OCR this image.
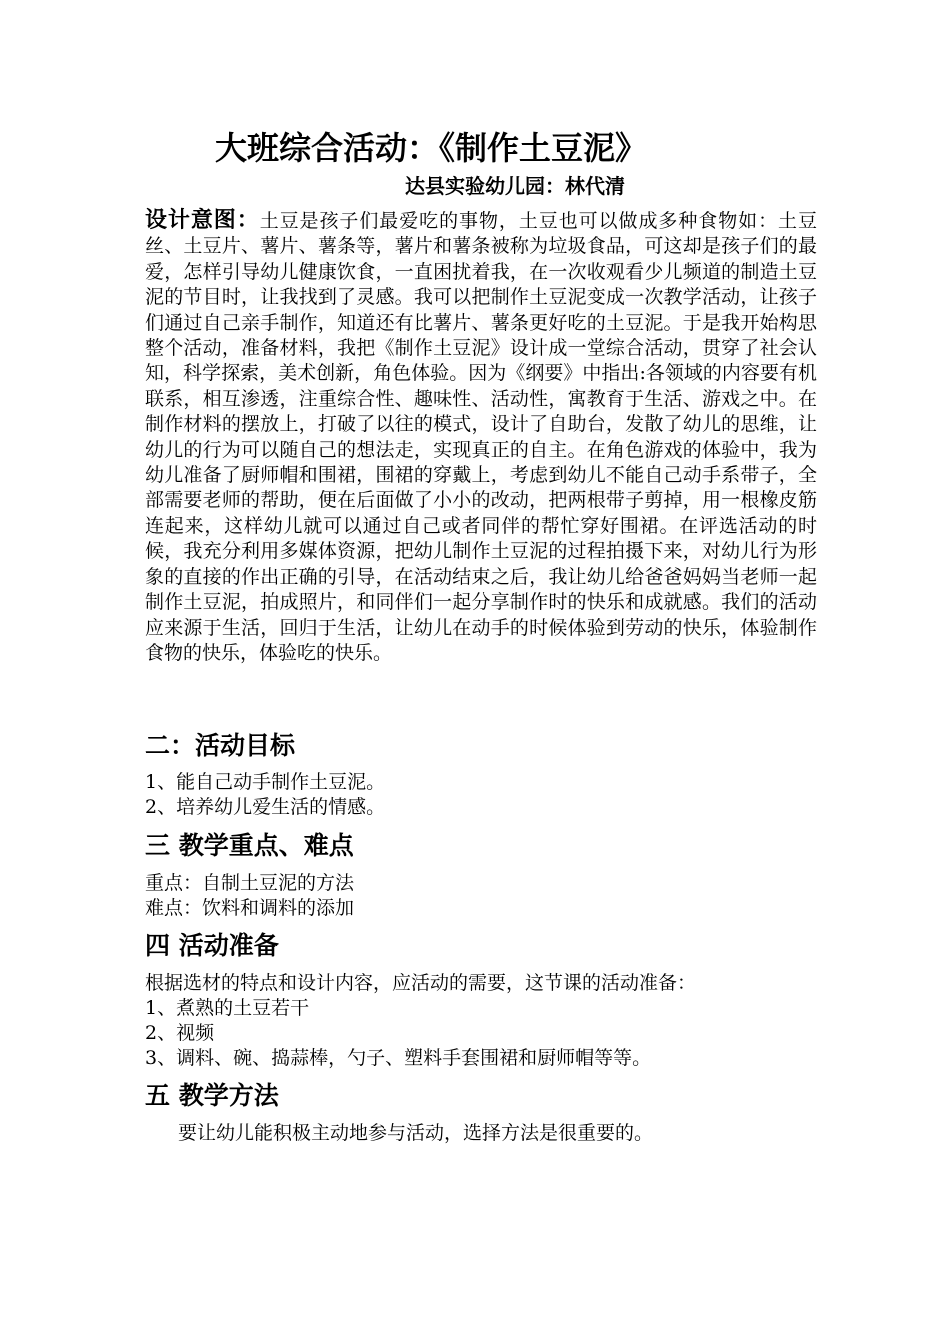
大班综合活动：《制作土豆泥》
达县实验幼儿园：林代清
设计意图：土豆是孩子们最爱吃的事物，土豆也可以做成多种食物如：土豆丝、土豆片、薯片、薯条等，薯片和薯条被称为垃圾食品，可这却是孩子们的最爱，怎样引导幼儿健康饮食，一直困扰着我，在一次收观看少儿频道的制造土豆泥的节目时，让我找到了灵感。我可以把制作土豆泥变成一次教学活动，让孩子们通过自己亲手制作，知道还有比薯片、薯条更好吃的土豆泥。于是我开始构思整个活动，准备材料，我把《制作土豆泥》设计成一堂综合活动，贯穿了社会认知，科学探索，美术创新，角色体验。因为《纲要》中指出:各领域的内容要有机联系，相互渗透，注重综合性、趣味性、活动性，寓教育于生活、游戏之中。在制作材料的摆放上，打破了以往的模式，设计了自助台，发散了幼儿的思维，让幼儿的行为可以随自己的想法走，实现真正的自主。在角色游戏的体验中，我为幼儿准备了厨师帽和围裙，围裙的穿戴上，考虑到幼儿不能自己动手系带子，全部需要老师的帮助，便在后面做了小小的改动，把两根带子剪掉，用一根橡皮筋连起来，这样幼儿就可以通过自己或者同伴的帮忙穿好围裙。在评选活动的时候，我充分利用多媒体资源，把幼儿制作土豆泥的过程拍摄下来，对幼儿行为形象的直接的作出正确的引导，在活动结束之后，我让幼儿给爸爸妈妈当老师一起制作土豆泥，拍成照片，和同伴们一起分享制作时的快乐和成就感。我们的活动应来源于生活，回归于生活，让幼儿在动手的时候体验到劳动的快乐，体验制作食物的快乐，体验吃的快乐。
二：活动目标
1、能自己动手制作土豆泥。
2、培养幼儿爱生活的情感。
三 教学重点、难点
重点：自制土豆泥的方法
难点：饮料和调料的添加
四 活动准备
根据选材的特点和设计内容，应活动的需要，这节课的活动准备：
1、煮熟的土豆若干
2、视频
3、调料、碗、捣蒜棒，勺子、塑料手套围裙和厨师帽等等。
五 教学方法
要让幼儿能积极主动地参与活动，选择方法是很重要的。
